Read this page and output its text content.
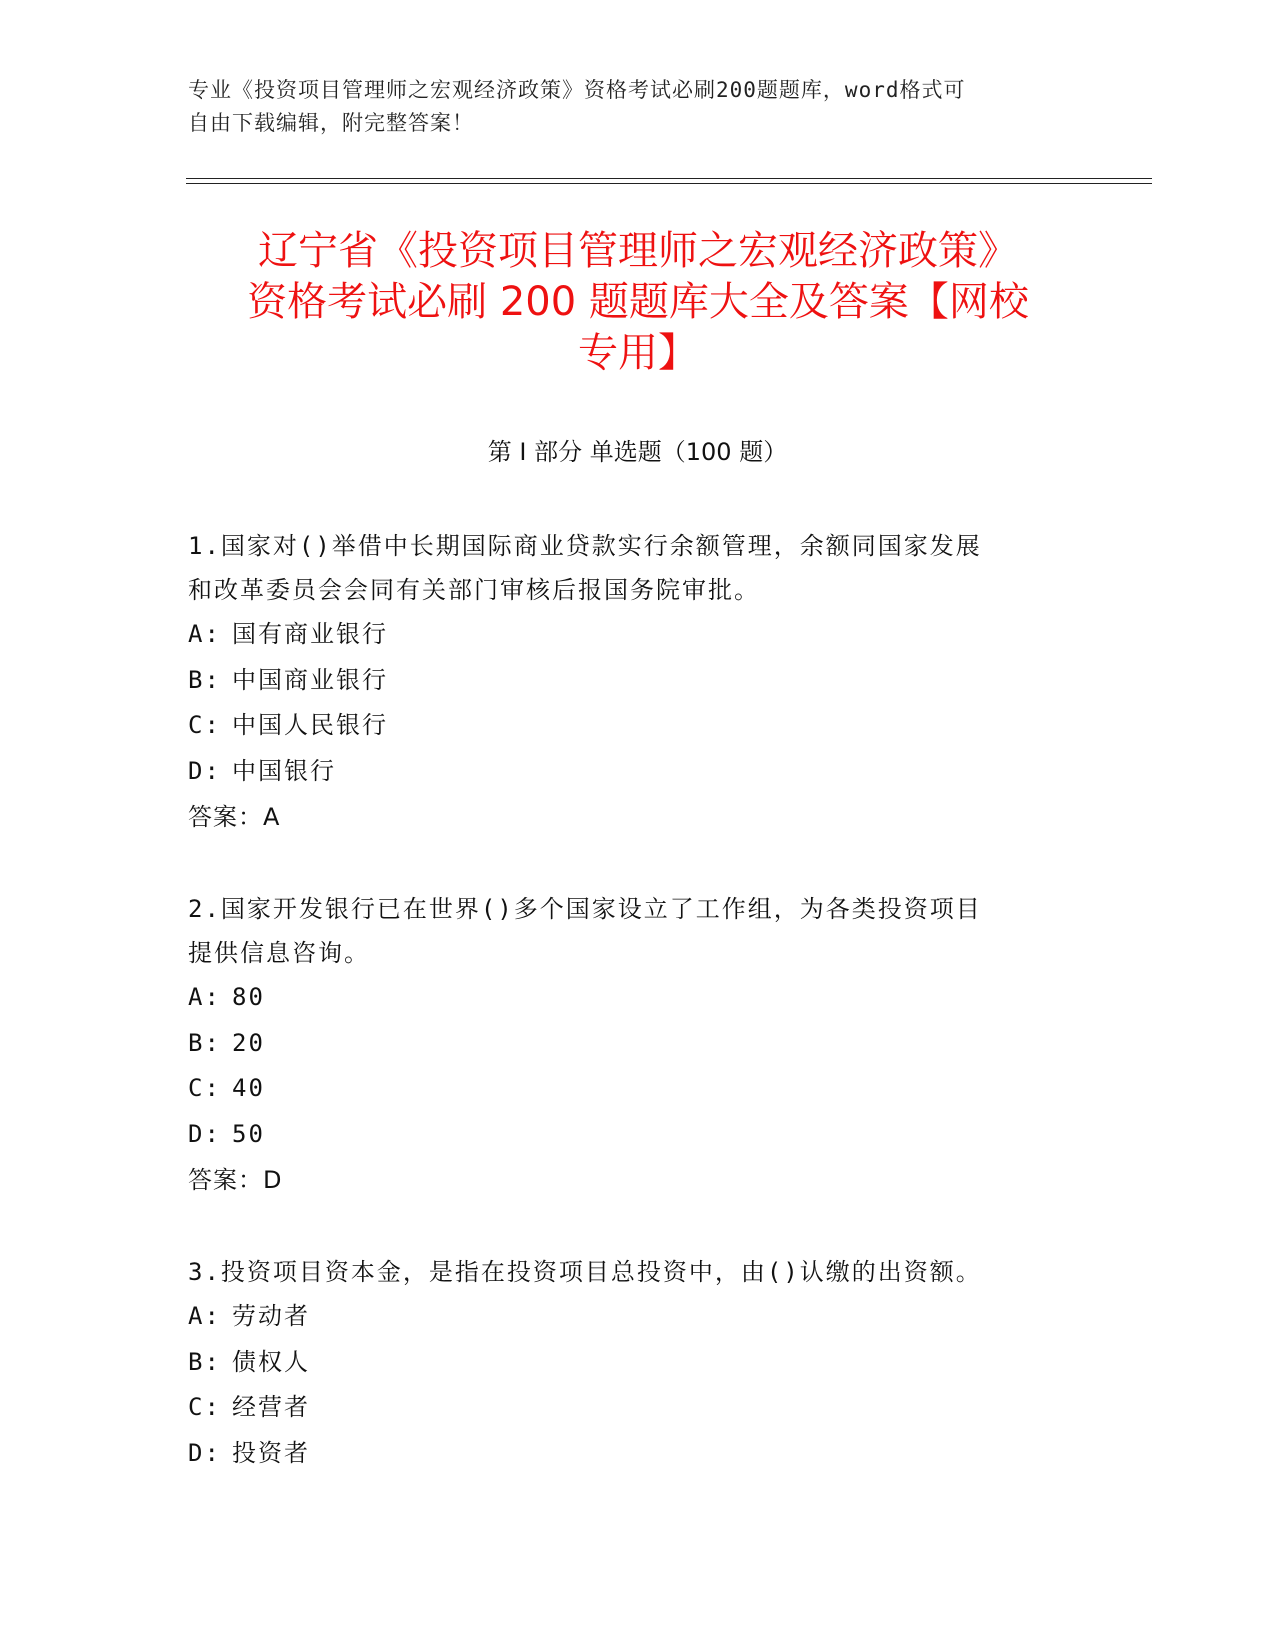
专业《投资项目管理师之宏观经济政策》资格考试必刷200题题库，word格式可
自由下载编辑，附完整答案！
辽宁省《投资项目管理师之宏观经济政策》
资格考试必刷 200 题题库大全及答案【网校
专用】
第 I 部分 单选题（100 题）
1.国家对()举借中长期国际商业贷款实行余额管理，余额同国家发展
和改革委员会会同有关部门审核后报国务院审批。
A: 国有商业银行
B: 中国商业银行
C: 中国人民银行
D: 中国银行
答案：A
2.国家开发银行已在世界()多个国家设立了工作组，为各类投资项目
提供信息咨询。
A: 80
B: 20
C: 40
D: 50
答案：D
3.投资项目资本金，是指在投资项目总投资中，由()认缴的出资额。
A: 劳动者
B: 债权人
C: 经营者
D: 投资者
